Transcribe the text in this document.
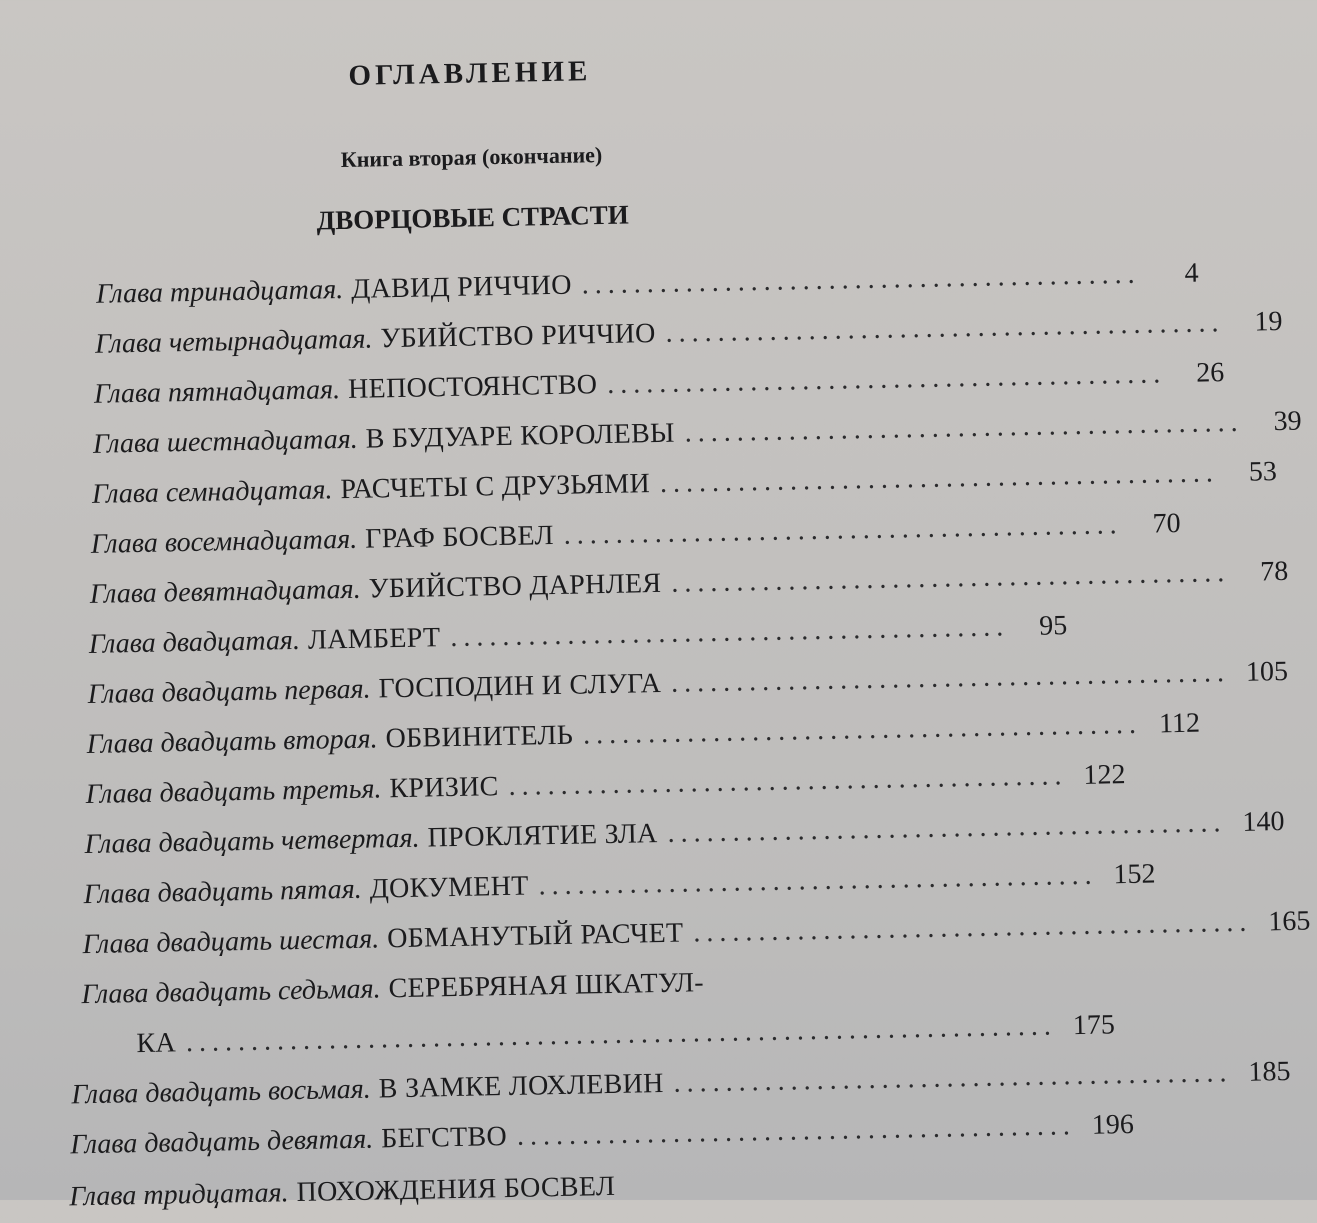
ОГЛАВЛЕНИЕ
Книга вторая (окончание)
ДВОРЦОВЫЕ СТРАСТИ
Глава тринадцатая . ДАВИД РИЧЧИО ...........................................	4
Глава четырнадцатая . УБИЙСТВО РИЧЧИО ...........................................	19
Глава пятнадцатая . НЕПОСТОЯНСТВО ...........................................	26
Глава шестнадцатая . В БУДУАРЕ КОРОЛЕВЫ ...........................................	39
Глава семнадцатая . РАСЧЕТЫ С ДРУЗЬЯМИ ...........................................	53
Глава восемнадцатая . ГРАФ БОСВЕЛ ...........................................	70
Глава девятнадцатая . УБИЙСТВО ДАРНЛЕЯ ...........................................	78
Глава двадцатая . ЛАМБЕРТ ...........................................	95
Глава двадцать первая . ГОСПОДИН И СЛУГА ........................................... 105
Глава двадцать вторая . ОБВИНИТЕЛЬ ........................................... 112
Глава двадцать третья . КРИЗИС ........................................... 122
Глава двадцать четвертая . ПРОКЛЯТИЕ ЗЛА ........................................... 140
Глава двадцать пятая . ДОКУМЕНТ ........................................... 152
Глава двадцать шестая . ОБМАНУТЫЙ РАСЧЕТ ........................................... 165
Глава двадцать седьмая . СЕРЕБРЯНАЯ ШКАТУЛ-
КА ................................................................... 175
Глава двадцать восьмая . В ЗАМКЕ ЛОХЛЕВИН ........................................... 185
Глава двадцать девятая . БЕГСТВО ........................................... 196
Глава тридцатая . ПОХОЖДЕНИЯ БОСВЕЛ
